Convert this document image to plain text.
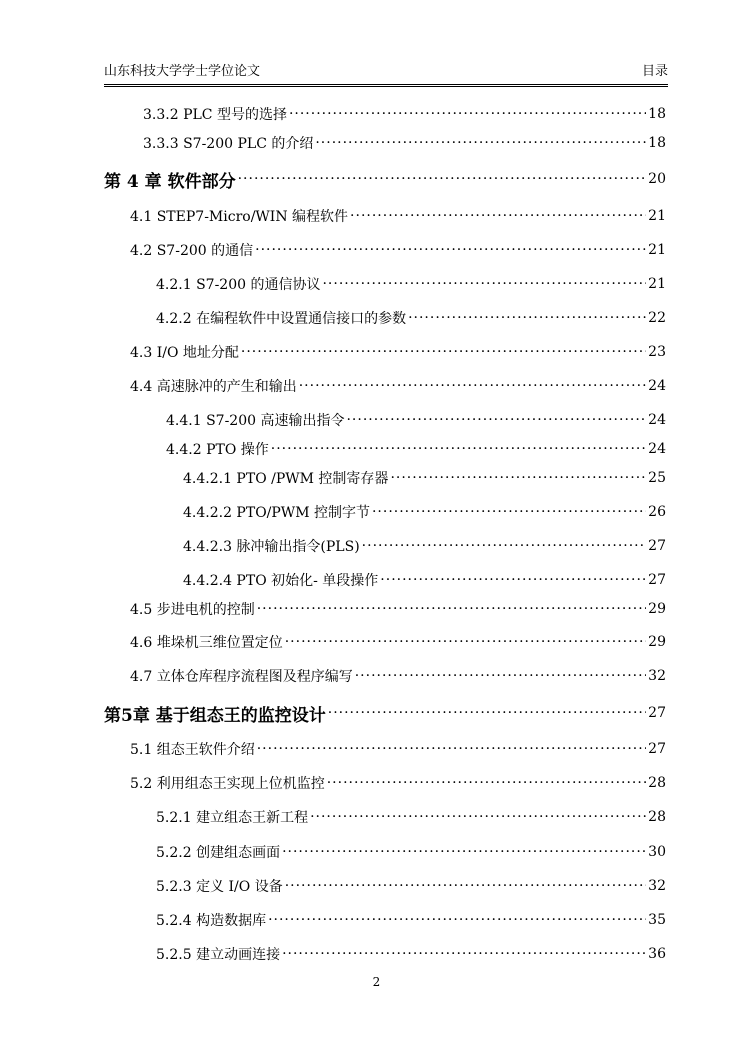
山东科技大学学士学位论文	目录
3.3.2 PLC 型号的选择 ·····	18
3.3.3 S7-200 PLC 的介绍 ·····	18
第 4 章 软件部分 ·····	20
4.1 STEP7-Micro/WIN 编程软件 ·····	21
4.2 S7-200 的通信 ·····	21
4.2.1 S7-200 的通信协议 ·····	21
4.2.2 在编程软件中设置通信接口的参数 ·····	22
4.3 I/O 地址分配 ·····	23
4.4 高速脉冲的产生和输出 ·····	24
4.4.1 S7-200 高速输出指令 ·····	24
4.4.2 PTO 操作 ·····	24
4.4.2.1 PTO /PWM 控制寄存器 ·····	25
4.4.2.2 PTO/PWM 控制字节 ·····	26
4.4.2.3 脉冲输出指令(PLS) ·····	27
4.4.2.4 PTO 初始化- 单段操作 ·····	27
4.5 步进电机的控制 ·····	29
4.6 堆垛机三维位置定位 ·····	29
4.7 立体仓库程序流程图及程序编写 ·····	32
第5章 基于组态王的监控设计 ·····	27
5.1 组态王软件介绍 ·····	27
5.2 利用组态王实现上位机监控 ·····	28
5.2.1 建立组态王新工程 ·····	28
5.2.2 创建组态画面 ·····	30
5.2.3 定义 I/O 设备 ·····	32
5.2.4 构造数据库 ·····	35
5.2.5 建立动画连接 ·····	36
2
